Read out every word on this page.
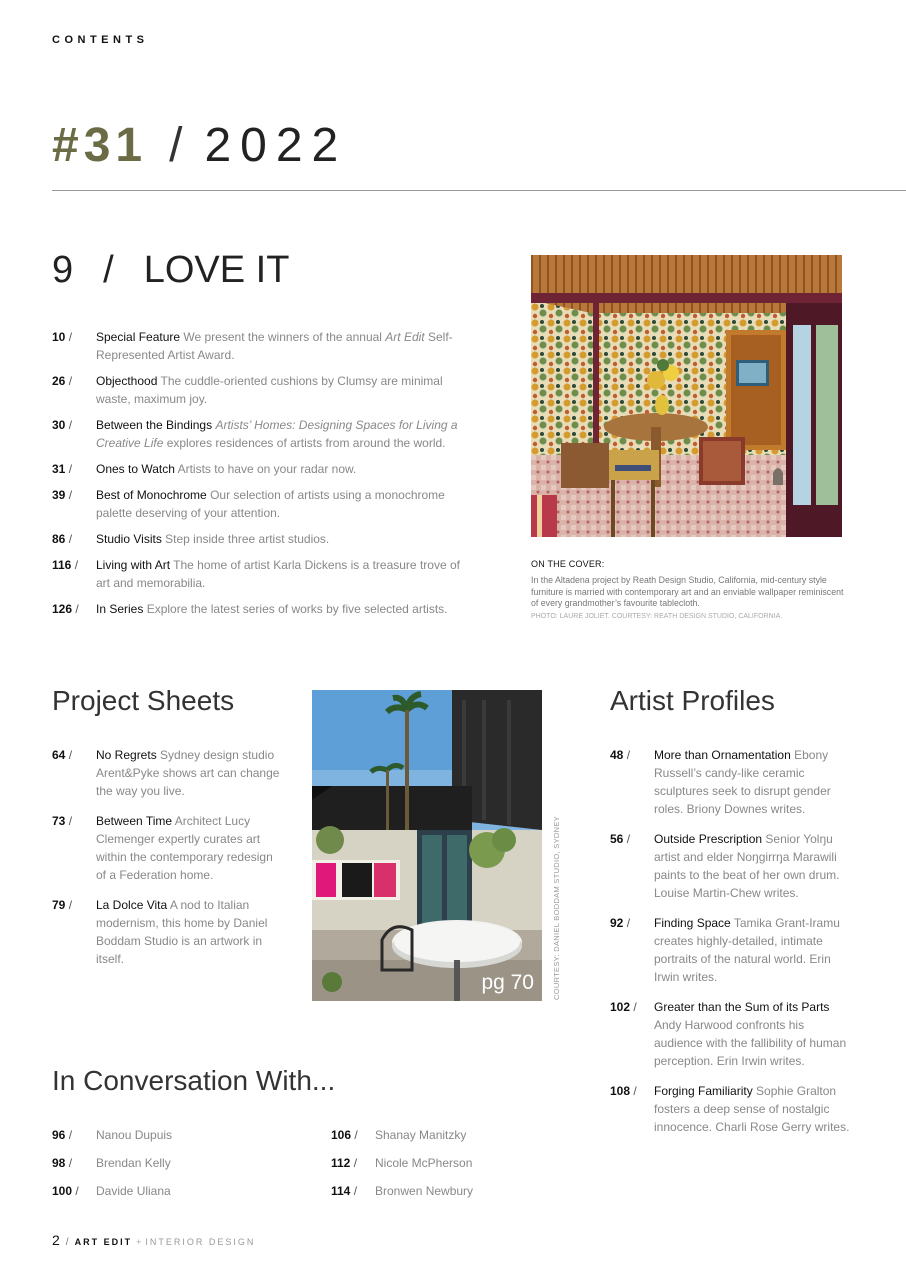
CONTENTS
#31 / 2022
9 / LOVE IT
10 / Special Feature We present the winners of the annual Art Edit Self-Represented Artist Award.
26 / Objecthood The cuddle-oriented cushions by Clumsy are minimal waste, maximum joy.
30 / Between the Bindings Artists’ Homes: Designing Spaces for Living a Creative Life explores residences of artists from around the world.
31 / Ones to Watch Artists to have on your radar now.
39 / Best of Monochrome Our selection of artists using a monochrome palette deserving of your attention.
86 / Studio Visits Step inside three artist studios.
116 / Living with Art The home of artist Karla Dickens is a treasure trove of art and memorabilia.
126 / In Series Explore the latest series of works by five selected artists.
ON THE COVER:
In the Altadena project by Reath Design Studio, California, mid-century style furniture is married with contemporary art and an enviable wallpaper reminiscent of every grandmother’s favourite tablecloth.
PHOTO: LAURE JOLIET. COURTESY: REATH DESIGN STUDIO, CALIFORNIA.
Project Sheets
64 / No Regrets Sydney design studio Arent&Pyke shows art can change the way you live.
73 / Between Time Architect Lucy Clemenger expertly curates art within the contemporary redesign of a Federation home.
79 / La Dolce Vita A nod to Italian modernism, this home by Daniel Boddam Studio is an artwork in itself.
pg 70 COURTESY: DANIEL BODDAM STUDIO, SYDNEY
Artist Profiles
48 / More than Ornamentation Ebony Russell’s candy-like ceramic sculptures seek to disrupt gender roles. Briony Downes writes.
56 / Outside Prescription Senior Yolŋu artist and elder Noŋgirrŋa Marawili paints to the beat of her own drum. Louise Martin-Chew writes.
92 / Finding Space Tamika Grant-Iramu creates highly-detailed, intimate portraits of the natural world. Erin Irwin writes.
102 / Greater than the Sum of its Parts Andy Harwood confronts his audience with the fallibility of human perception. Erin Irwin writes.
108 / Forging Familiarity Sophie Gralton fosters a deep sense of nostalgic innocence. Charli Rose Gerry writes.
In Conversation With...
96 / Nanou Dupuis
98 / Brendan Kelly
100 / Davide Uliana
106 / Shanay Manitzky
112 / Nicole McPherson
114 / Bronwen Newbury
2 / ART EDIT + INTERIOR DESIGN
